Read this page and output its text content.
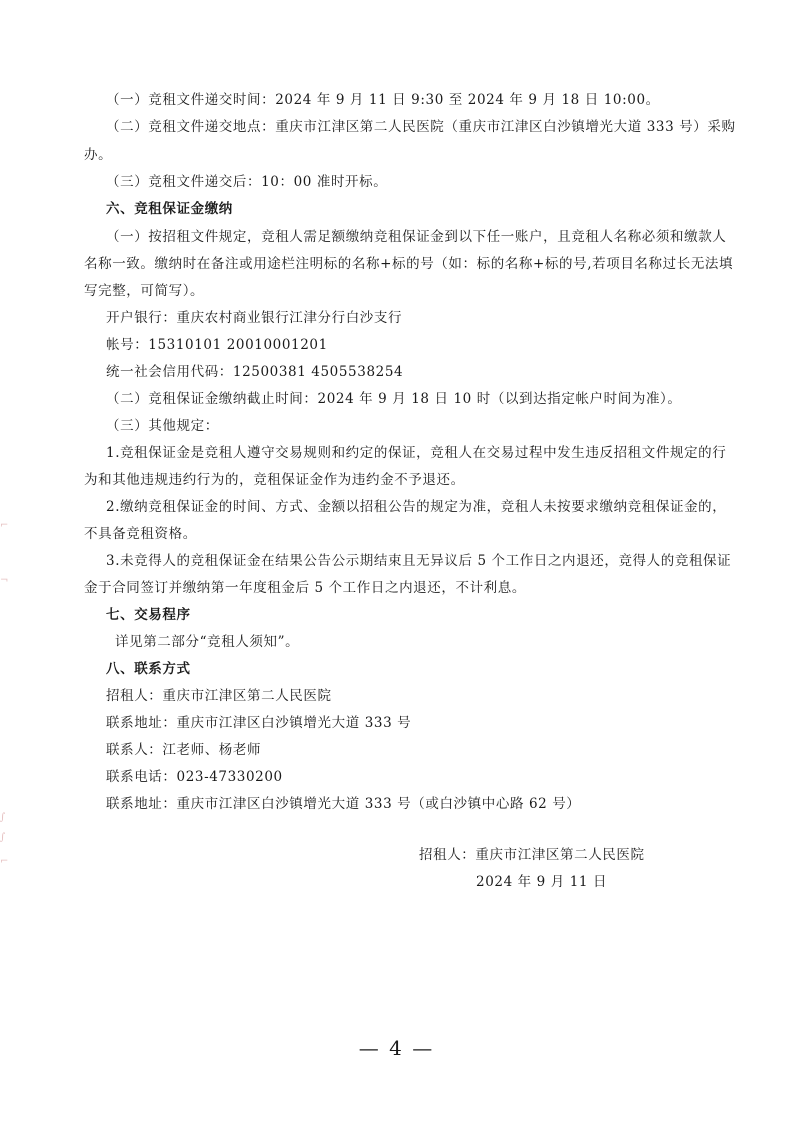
（一）竞租文件递交时间：2024 年 9 月 11 日 9:30 至 2024 年 9 月 18 日 10:00。
（二）竞租文件递交地点：重庆市江津区第二人民医院（重庆市江津区白沙镇增光大道 333 号）采购
办。
（三）竞租文件递交后：10：00 准时开标。
六、竞租保证金缴纳
（一）按招租文件规定，竞租人需足额缴纳竞租保证金到以下任一账户，且竞租人名称必须和缴款人
名称一致。缴纳时在备注或用途栏注明标的名称+标的号（如：标的名称+标的号,若项目名称过长无法填
写完整，可简写）。
开户银行：重庆农村商业银行江津分行白沙支行
帐号：15310101 20010001201
统一社会信用代码：12500381 4505538254
（二）竞租保证金缴纳截止时间：2024 年 9 月 18 日 10 时（以到达指定帐户时间为准）。
（三）其他规定：
1.竞租保证金是竞租人遵守交易规则和约定的保证，竞租人在交易过程中发生违反招租文件规定的行
为和其他违规违约行为的，竞租保证金作为违约金不予退还。
2.缴纳竞租保证金的时间、方式、金额以招租公告的规定为准，竞租人未按要求缴纳竞租保证金的，
不具备竞租资格。
3.未竞得人的竞租保证金在结果公告公示期结束且无异议后 5 个工作日之内退还，竞得人的竞租保证
金于合同签订并缴纳第一年度租金后 5 个工作日之内退还，不计利息。
七、交易程序
详见第二部分“竞租人须知”。
八、联系方式
招租人：重庆市江津区第二人民医院
联系地址：重庆市江津区白沙镇增光大道 333 号
联系人：江老师、杨老师
联系电话：023-47330200
联系地址：重庆市江津区白沙镇增光大道 333 号（或白沙镇中心路 62 号）
招租人：重庆市江津区第二人民医院
2024 年 9 月 11 日
— 4 —
⌐
¬
∫
∫
⌐
